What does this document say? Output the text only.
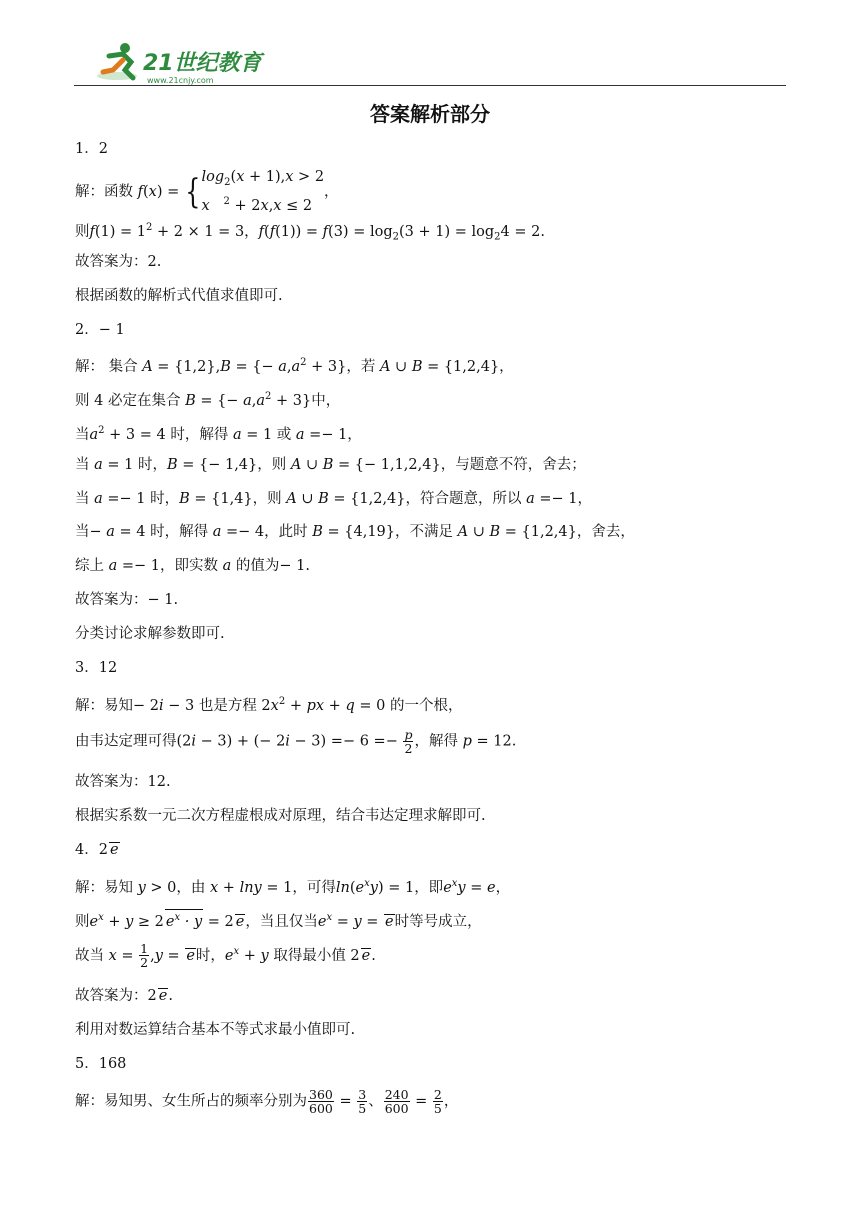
21世纪教育
www.21cnjy.com
答案解析部分
1．2
解：函数 $f(x) = \{\log_2(x + 1),x > 2$
x $^2$ + 2x,x ≤ 2，
则$f(1) = 1^2 + 2 \times 1 = 3$，$f(f(1)) = f(3) = \log_2(3 + 1) = \log_24 = 2$.
故答案为：2.
根据函数的解析式代值求值即可.
2．− 1
解： 集合 A = {1,2},B = {− $a,a^2 + 3$}，若 A ∪ B = {1,2,4}，
则 4 必定在集合 B = {− $a,a^2 + 3$}中，
当$a^2 + 3 = 4$ 时，解得 a = 1 或 a =− 1，
当 a = 1 时，B = {− 1,4}，则 A ∪ B = {− 1,1,2,4}，与题意不符，舍去；
当 a =− 1 时，B = {1,4}，则 A ∪ B = {1,2,4}，符合题意，所以 a =− 1，
当− a = 4 时，解得 a =− 4，此时 B = {4,19}，不满足 A ∪ B = {1,2,4}，舍去，
综上 a =− 1，即实数 a 的值为− 1.
故答案为：− 1.
分类讨论求解参数即可.
3．12
解：易知− 2i − 3 也是方程 $2x^2$ + px + q = 0 的一个根，
由韦达定理可得(2i − 3) + (− $2i - 3) =- 6 =- \frac{p}{2}$ ，解得 p = 12.
故答案为：12.
根据实系数一元二次方程虚根成对原理，结合韦达定理求解即可.
4．2 e
解：易知 y > 0，由 x + lny = 1，可得$\ln(e^xy) = 1$，即$e^xy = e$，
则$e^x + y \ge 2$ $e^x \cdot y = 2$ e，当且仅当$e^x = y = e$时等号成立，
故当 $x = \frac{1}{2} ,y = e$时，$e^x + y$ 取得最小值 2 e.
故答案为：2 e.
利用对数运算结合基本不等式求最小值即可.
5．168
解：易知男、女生所占的频率分别为 $\frac{360}{600} = \frac{3}{5}$ 、 $\frac{240}{600} = \frac{2}{5}$ ，
